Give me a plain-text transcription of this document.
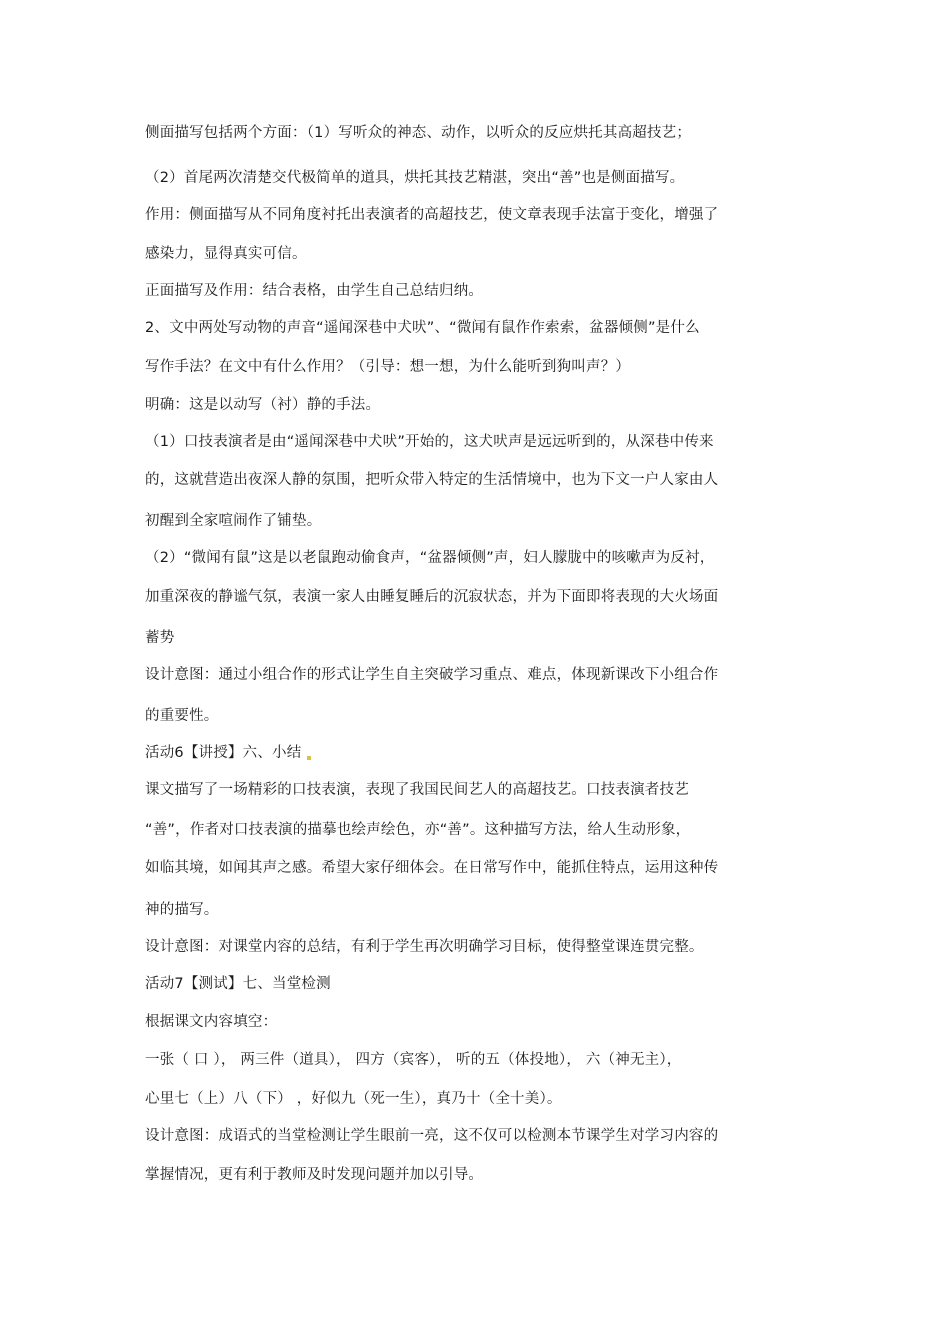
侧面描写包括两个方面：（1）写听众的神态、动作，以听众的反应烘托其高超技艺；
（2）首尾两次清楚交代极简单的道具，烘托其技艺精湛，突出“善”也是侧面描写。
作用：侧面描写从不同角度衬托出表演者的高超技艺，使文章表现手法富于变化，增强了
感染力，显得真实可信。
正面描写及作用：结合表格，由学生自己总结归纳。
2、文中两处写动物的声音“遥闻深巷中犬吠”、“微闻有鼠作作索索，盆器倾侧”是什么
写作手法？在文中有什么作用？（引导：想一想，为什么能听到狗叫声？）
明确：这是以动写（衬）静的手法。
（1）口技表演者是由“遥闻深巷中犬吠”开始的，这犬吠声是远远听到的，从深巷中传来
的，这就营造出夜深人静的氛围，把听众带入特定的生活情境中，也为下文一户人家由人
初醒到全家喧闹作了铺垫。
（2）“微闻有鼠”这是以老鼠跑动偷食声，“盆器倾侧”声，妇人朦胧中的咳嗽声为反衬，
加重深夜的静谧气氛，表演一家人由睡复睡后的沉寂状态，并为下面即将表现的大火场面
蓄势
设计意图：通过小组合作的形式让学生自主突破学习重点、难点，体现新课改下小组合作
的重要性。
活动6【讲授】六、小结
课文描写了一场精彩的口技表演，表现了我国民间艺人的高超技艺。口技表演者技艺
“善”，作者对口技表演的描摹也绘声绘色，亦“善”。这种描写方法，给人生动形象，
如临其境，如闻其声之感。希望大家仔细体会。在日常写作中，能抓住特点，运用这种传
神的描写。
设计意图：对课堂内容的总结，有利于学生再次明确学习目标，使得整堂课连贯完整。
活动7【测试】七、当堂检测
根据课文内容填空：
一张（ 口 ）， 两三件（道具）， 四方（宾客）， 听的五（体投地）， 六（神无主），
心里七（上）八（下） ，好似九（死一生），真乃十（全十美）。
设计意图：成语式的当堂检测让学生眼前一亮，这不仅可以检测本节课学生对学习内容的
掌握情况，更有利于教师及时发现问题并加以引导。
